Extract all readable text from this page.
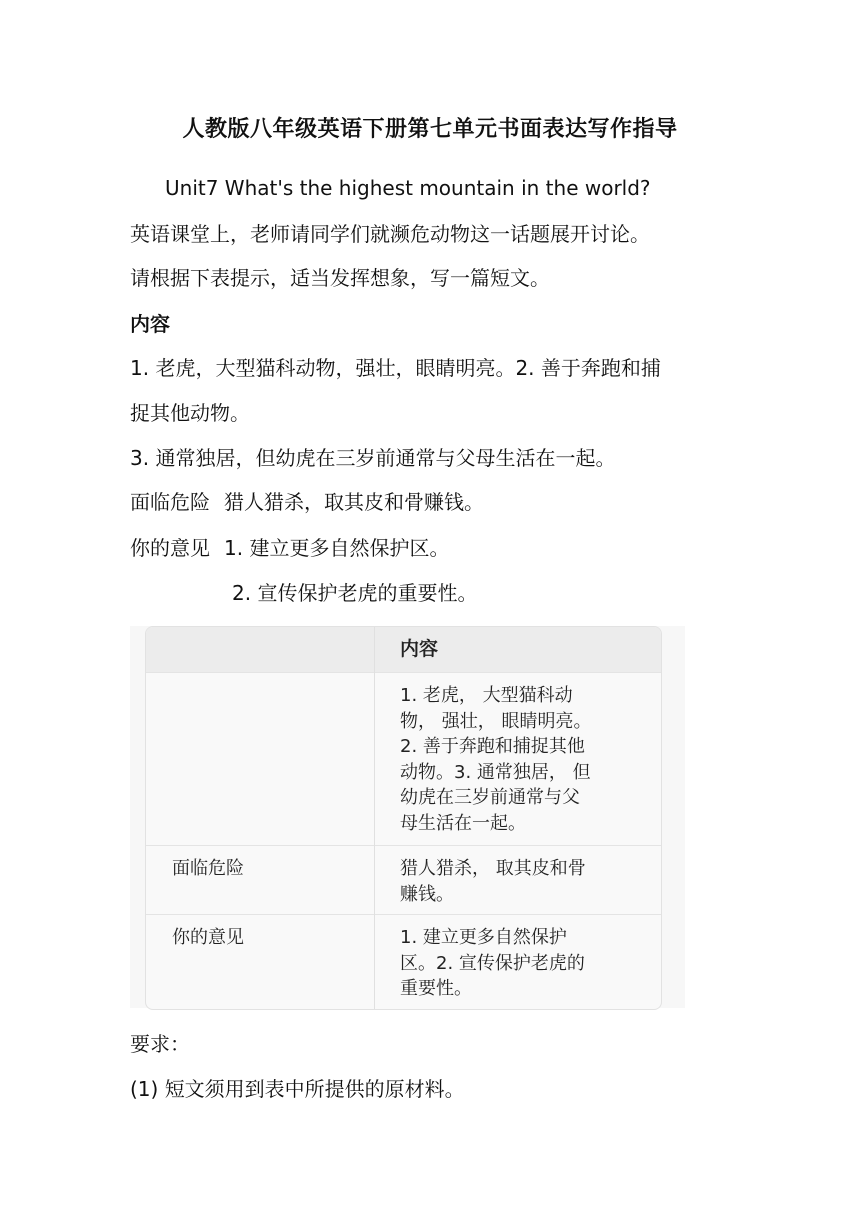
人教版八年级英语下册第七单元书面表达写作指导
Unit7 What's the highest mountain in the world?
英语课堂上，老师请同学们就濒危动物这一话题展开讨论。
请根据下表提示，适当发挥想象，写一篇短文。
内容
1. 老虎，大型猫科动物，强壮，眼睛明亮。2. 善于奔跑和捕
捉其他动物。
3. 通常独居，但幼虎在三岁前通常与父母生活在一起。
面临危险 猎人猎杀，取其皮和骨赚钱。
你的意见 1. 建立更多自然保护区。
2. 宣传保护老虎的重要性。
内容
1. 老虎， 大型猫科动
物， 强壮， 眼睛明亮。
2. 善于奔跑和捕捉其他
动物。3. 通常独居， 但
幼虎在三岁前通常与父
母生活在一起。
面临危险	猎人猎杀， 取其皮和骨
赚钱。
你的意见	1. 建立更多自然保护
区。2. 宣传保护老虎的
重要性。
要求：
(1) 短文须用到表中所提供的原材料。
